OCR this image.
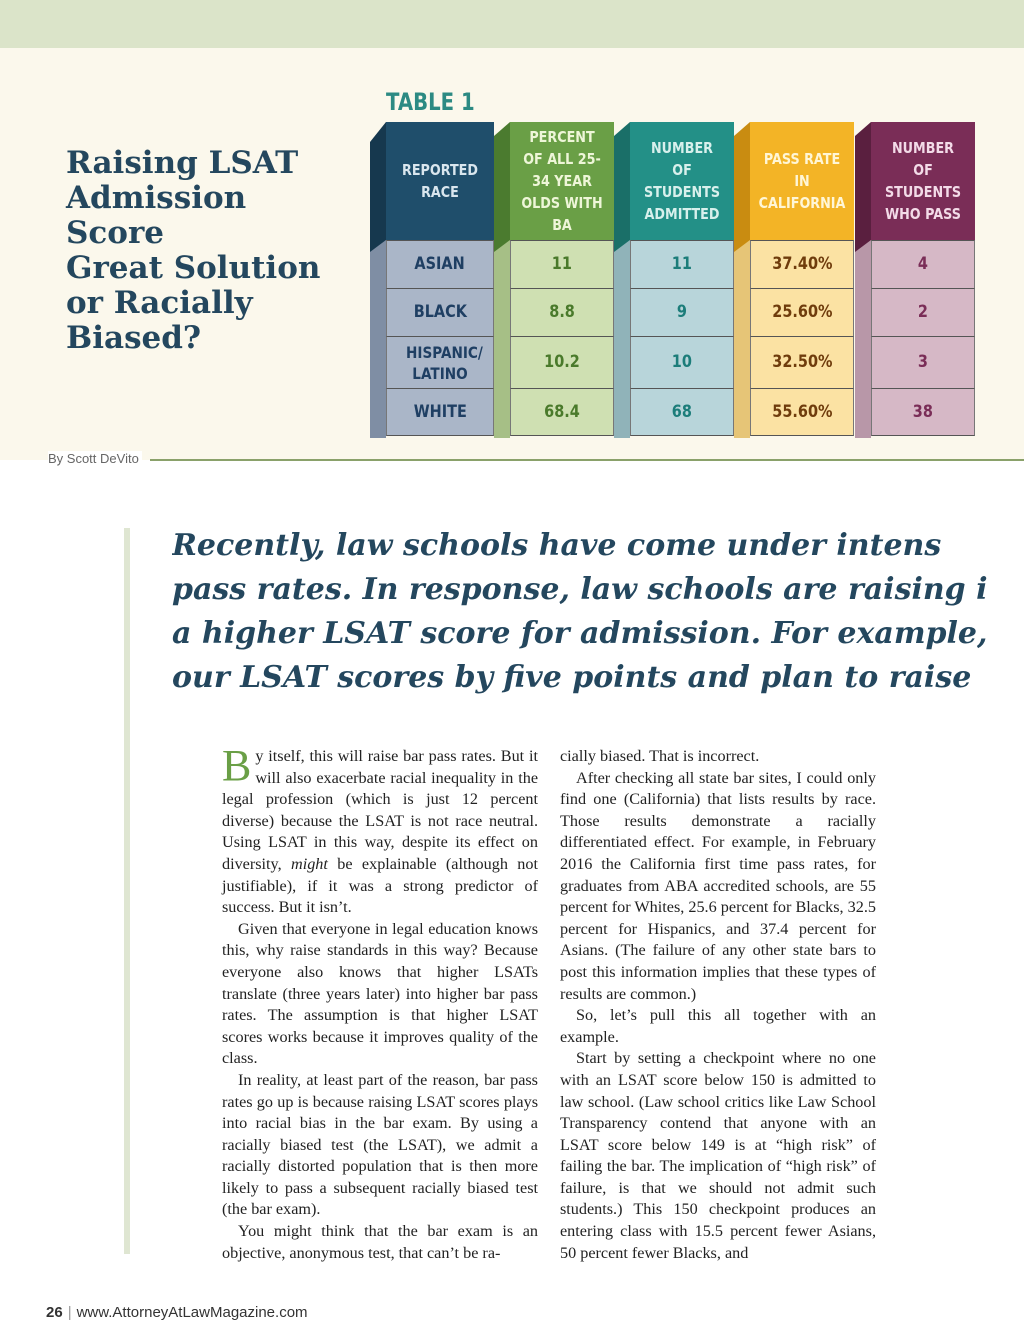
Raising LSAT
Admission
Score
Great Solution
or Racially
Biased?
TABLE 1
REPORTED RACE
ASIAN
BLACK
HISPANIC/ LATINO
WHITE
PERCENT OF ALL 25-34 YEAR OLDS WITH BA
11
8.8
10.2
68.4
NUMBER OF STUDENTS ADMITTED
11
9
10
68
PASS RATE IN CALIFORNIA
37.40%
25.60%
32.50%
55.60%
NUMBER OF STUDENTS WHO PASS
4
2
3
38
By Scott DeVito
Recently, law schools have come under intens
pass rates. In response, law schools are raising i
a higher LSAT score for admission. For example,
our LSAT scores by five points and plan to raise

By itself, this will raise bar pass rates. But it will also exacerbate racial inequality in the legal profession (which is just 12 percent diverse) because the LSAT is not race neutral. Using LSAT in this way, despite its effect on diversity, might be explainable (although not justifiable), if it was a strong predictor of success. But it isn’t.

Given that everyone in legal education knows this, why raise standards in this way? Because everyone also knows that higher LSATs translate (three years later) into higher bar pass rates. The assumption is that higher LSAT scores works because it improves quality of the class.

In reality, at least part of the reason, bar pass rates go up is because raising LSAT scores plays into racial bias in the bar exam. By using a racially biased test (the LSAT), we admit a racially distorted population that is then more likely to pass a subsequent racially biased test (the bar exam).

You might think that the bar exam is an objective, anonymous test, that can’t be ra-

cially biased. That is incorrect.

After checking all state bar sites, I could only find one (California) that lists results by race. Those results demonstrate a racially differentiated effect. For example, in February 2016 the California first time pass rates, for graduates from ABA accredited schools, are 55 percent for Whites, 25.6 percent for Blacks, 32.5 percent for Hispanics, and 37.4 percent for Asians. (The failure of any other state bars to post this information implies that these types of results are common.)

So, let’s pull this all together with an example.

Start by setting a checkpoint where no one with an LSAT score below 150 is admitted to law school. (Law school critics like Law School Transparency contend that anyone with an LSAT score below 149 is at “high risk” of failing the bar. The implication of “high risk” of failure, is that we should not admit such students.) This 150 checkpoint produces an entering class with 15.5 percent fewer Asians, 50 percent fewer Blacks, and

26 | www.AttorneyAtLawMagazine.com
